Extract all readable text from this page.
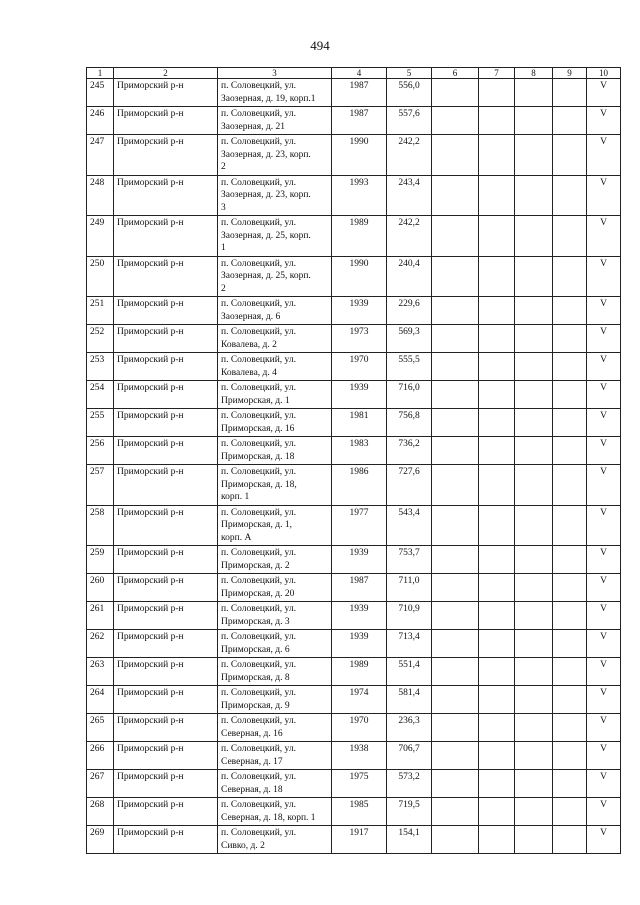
494
1	2	3	4	5	6	7	8	9	10
245	Приморский р-н	п. Соловецкий, ул.
Заозерная, д. 19, корп.1	1987	556,0					V
246	Приморский р-н	п. Соловецкий, ул.
Заозерная, д. 21	1987	557,6					V
247	Приморский р-н	п. Соловецкий, ул.
Заозерная, д. 23, корп.
2	1990	242,2					V
248	Приморский р-н	п. Соловецкий, ул.
Заозерная, д. 23, корп.
3	1993	243,4					V
249	Приморский р-н	п. Соловецкий, ул.
Заозерная, д. 25, корп.
1	1989	242,2					V
250	Приморский р-н	п. Соловецкий, ул.
Заозерная, д. 25, корп.
2	1990	240,4					V
251	Приморский р-н	п. Соловецкий, ул.
Заозерная, д. 6	1939	229,6					V
252	Приморский р-н	п. Соловецкий, ул.
Ковалева, д. 2	1973	569,3					V
253	Приморский р-н	п. Соловецкий, ул.
Ковалева, д. 4	1970	555,5					V
254	Приморский р-н	п. Соловецкий, ул.
Приморская, д. 1	1939	716,0					V
255	Приморский р-н	п. Соловецкий, ул.
Приморская, д. 16	1981	756,8					V
256	Приморский р-н	п. Соловецкий, ул.
Приморская, д. 18	1983	736,2					V
257	Приморский р-н	п. Соловецкий, ул.
Приморская, д. 18,
корп. 1	1986	727,6					V
258	Приморский р-н	п. Соловецкий, ул.
Приморская, д. 1,
корп. А	1977	543,4					V
259	Приморский р-н	п. Соловецкий, ул.
Приморская, д. 2	1939	753,7					V
260	Приморский р-н	п. Соловецкий, ул.
Приморская, д. 20	1987	711,0					V
261	Приморский р-н	п. Соловецкий, ул.
Приморская, д. 3	1939	710,9					V
262	Приморский р-н	п. Соловецкий, ул.
Приморская, д. 6	1939	713,4					V
263	Приморский р-н	п. Соловецкий, ул.
Приморская, д. 8	1989	551,4					V
264	Приморский р-н	п. Соловецкий, ул.
Приморская, д. 9	1974	581,4					V
265	Приморский р-н	п. Соловецкий, ул.
Северная, д. 16	1970	236,3					V
266	Приморский р-н	п. Соловецкий, ул.
Северная, д. 17	1938	706,7					V
267	Приморский р-н	п. Соловецкий, ул.
Северная, д. 18	1975	573,2					V
268	Приморский р-н	п. Соловецкий, ул.
Северная, д. 18, корп. 1	1985	719,5					V
269	Приморский р-н	п. Соловецкий, ул.
Сивко, д. 2	1917	154,1					V
